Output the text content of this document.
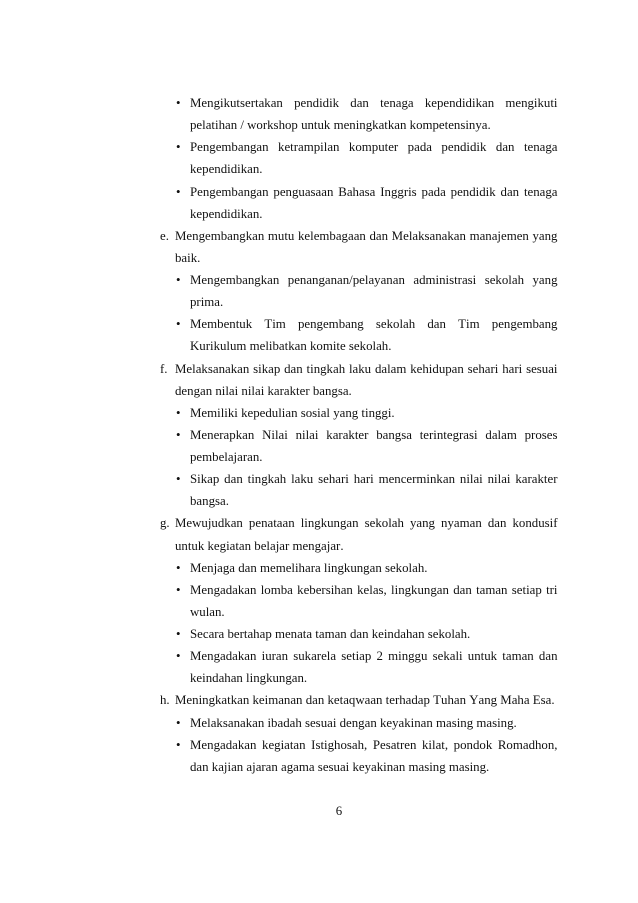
• Mengikutsertakan pendidik dan tenaga kependidikan mengikuti pelatihan / workshop untuk meningkatkan kompetensinya.
• Pengembangan ketrampilan komputer pada pendidik dan tenaga kependidikan.
• Pengembangan penguasaan Bahasa Inggris pada pendidik dan tenaga kependidikan.
e. Mengembangkan mutu kelembagaan dan Melaksanakan manajemen yang baik.
• Mengembangkan penanganan/pelayanan administrasi sekolah yang prima.
• Membentuk Tim pengembang sekolah dan Tim pengembang Kurikulum melibatkan komite sekolah.
f. Melaksanakan sikap dan tingkah laku dalam kehidupan sehari hari sesuai dengan nilai nilai karakter bangsa.
• Memiliki kepedulian sosial yang tinggi.
• Menerapkan Nilai nilai karakter bangsa terintegrasi dalam proses pembelajaran.
• Sikap dan tingkah laku sehari hari mencerminkan nilai nilai karakter bangsa.
g. Mewujudkan penataan lingkungan sekolah yang nyaman dan kondusif untuk kegiatan belajar mengajar.
• Menjaga dan memelihara lingkungan sekolah.
• Mengadakan lomba kebersihan kelas, lingkungan dan taman setiap tri wulan.
• Secara bertahap menata taman dan keindahan sekolah.
• Mengadakan iuran sukarela setiap 2 minggu sekali untuk taman dan keindahan lingkungan.
h. Meningkatkan keimanan dan ketaqwaan terhadap Tuhan Yang Maha Esa.
• Melaksanakan ibadah sesuai dengan keyakinan masing masing.
• Mengadakan kegiatan Istighosah, Pesatren kilat, pondok Romadhon, dan kajian ajaran agama sesuai keyakinan masing masing.
6
